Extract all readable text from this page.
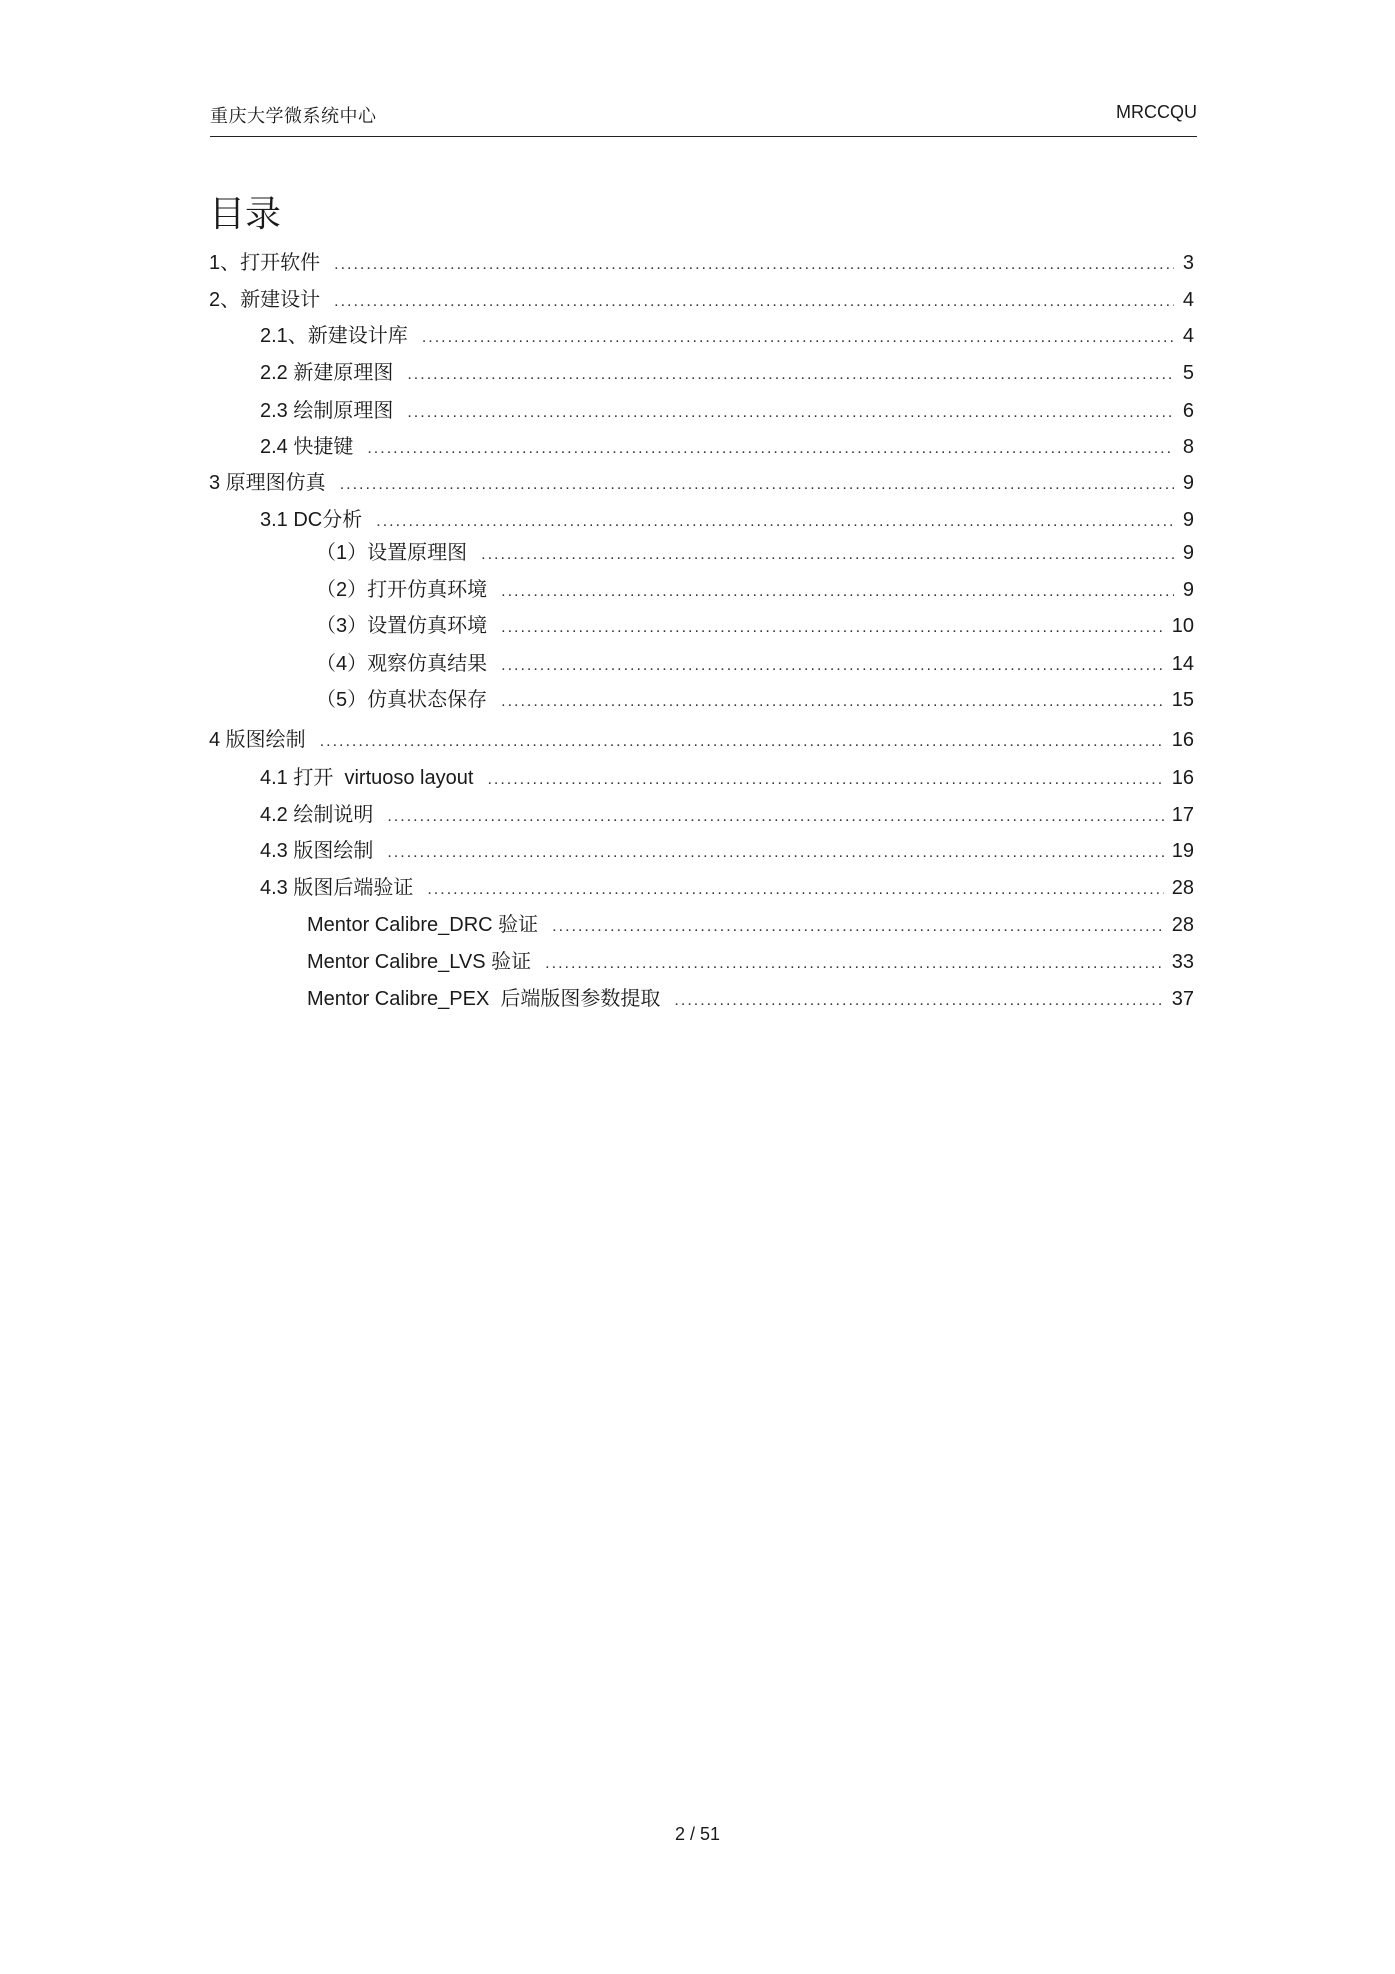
重庆大学微系统中心	MRCCQU
目录
1、打开软件 .....	3
2、新建设计 .....	4
2.1、新建设计库 .....	4
2.2 新建原理图 .....	5
2.3 绘制原理图 .....	6
2.4 快捷键 .....	8
3 原理图仿真 .....	9
3.1 DC分析 .....	9
（1）设置原理图 .....	9
（2）打开仿真环境 .....	9
（3）设置仿真环境 .....	10
（4）观察仿真结果 .....	14
（5）仿真状态保存 .....	15
4 版图绘制 .....	16
4.1 打开  virtuoso layout .....	16
4.2 绘制说明 .....	17
4.3 版图绘制 .....	19
4.3 版图后端验证 .....	28
Mentor Calibre_DRC 验证 .....	28
Mentor Calibre_LVS 验证 .....	33
Mentor Calibre_PEX  后端版图参数提取 .....	37
2 / 51
